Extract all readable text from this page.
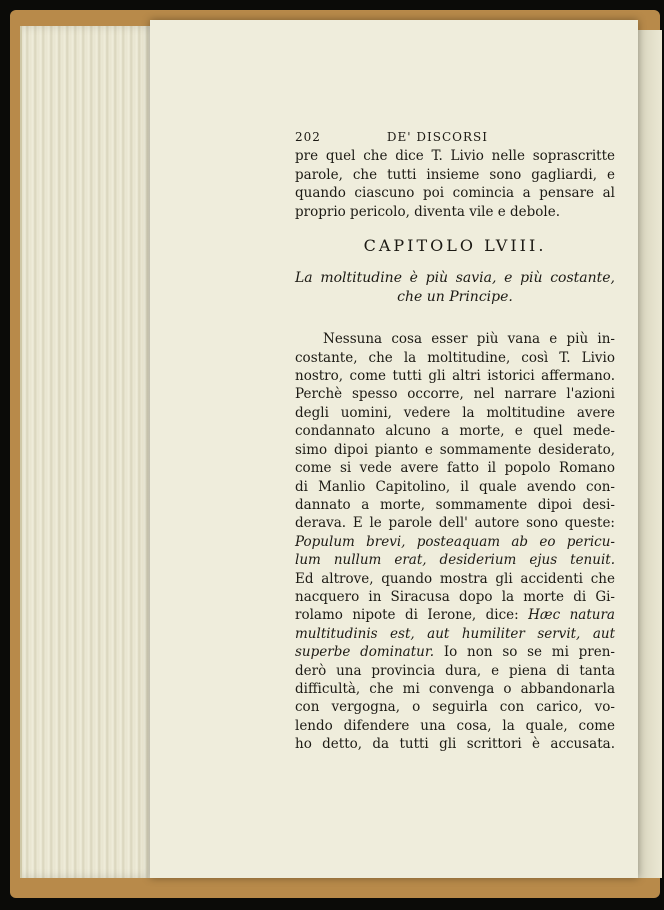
202	DE' DISCORSI
pre quel che dice T. Livio nelle soprascritte
parole, che tutti insieme sono gagliardi, e
quando ciascuno poi comincia a pensare al
proprio pericolo, diventa vile e debole.
CAPITOLO LVIII.
La moltitudine è più savia, e più costante,
che un Principe.
Nessuna cosa esser più vana e più in-
costante, che la moltitudine, così T. Livio
nostro, come tutti gli altri istorici affermano.
Perchè spesso occorre, nel narrare l'azioni
degli uomini, vedere la moltitudine avere
condannato alcuno a morte, e quel mede-
simo dipoi pianto e sommamente desiderato,
come si vede avere fatto il popolo Romano
di Manlio Capitolino, il quale avendo con-
dannato a morte, sommamente dipoi desi-
derava. E le parole dell' autore sono queste:
Populum brevi, posteaquam ab eo pericu-
lum nullum erat, desiderium ejus tenuit.
Ed altrove, quando mostra gli accidenti che
nacquero in Siracusa dopo la morte di Gi-
rolamo nipote di Ierone, dice: Hæc natura
multitudinis est, aut humiliter servit, aut
superbe dominatur. Io non so se mi pren-
derò una provincia dura, e piena di tanta
difficultà, che mi convenga o abbandonarla
con vergogna, o seguirla con carico, vo-
lendo difendere una cosa, la quale, come
ho detto, da tutti gli scrittori è accusata.
